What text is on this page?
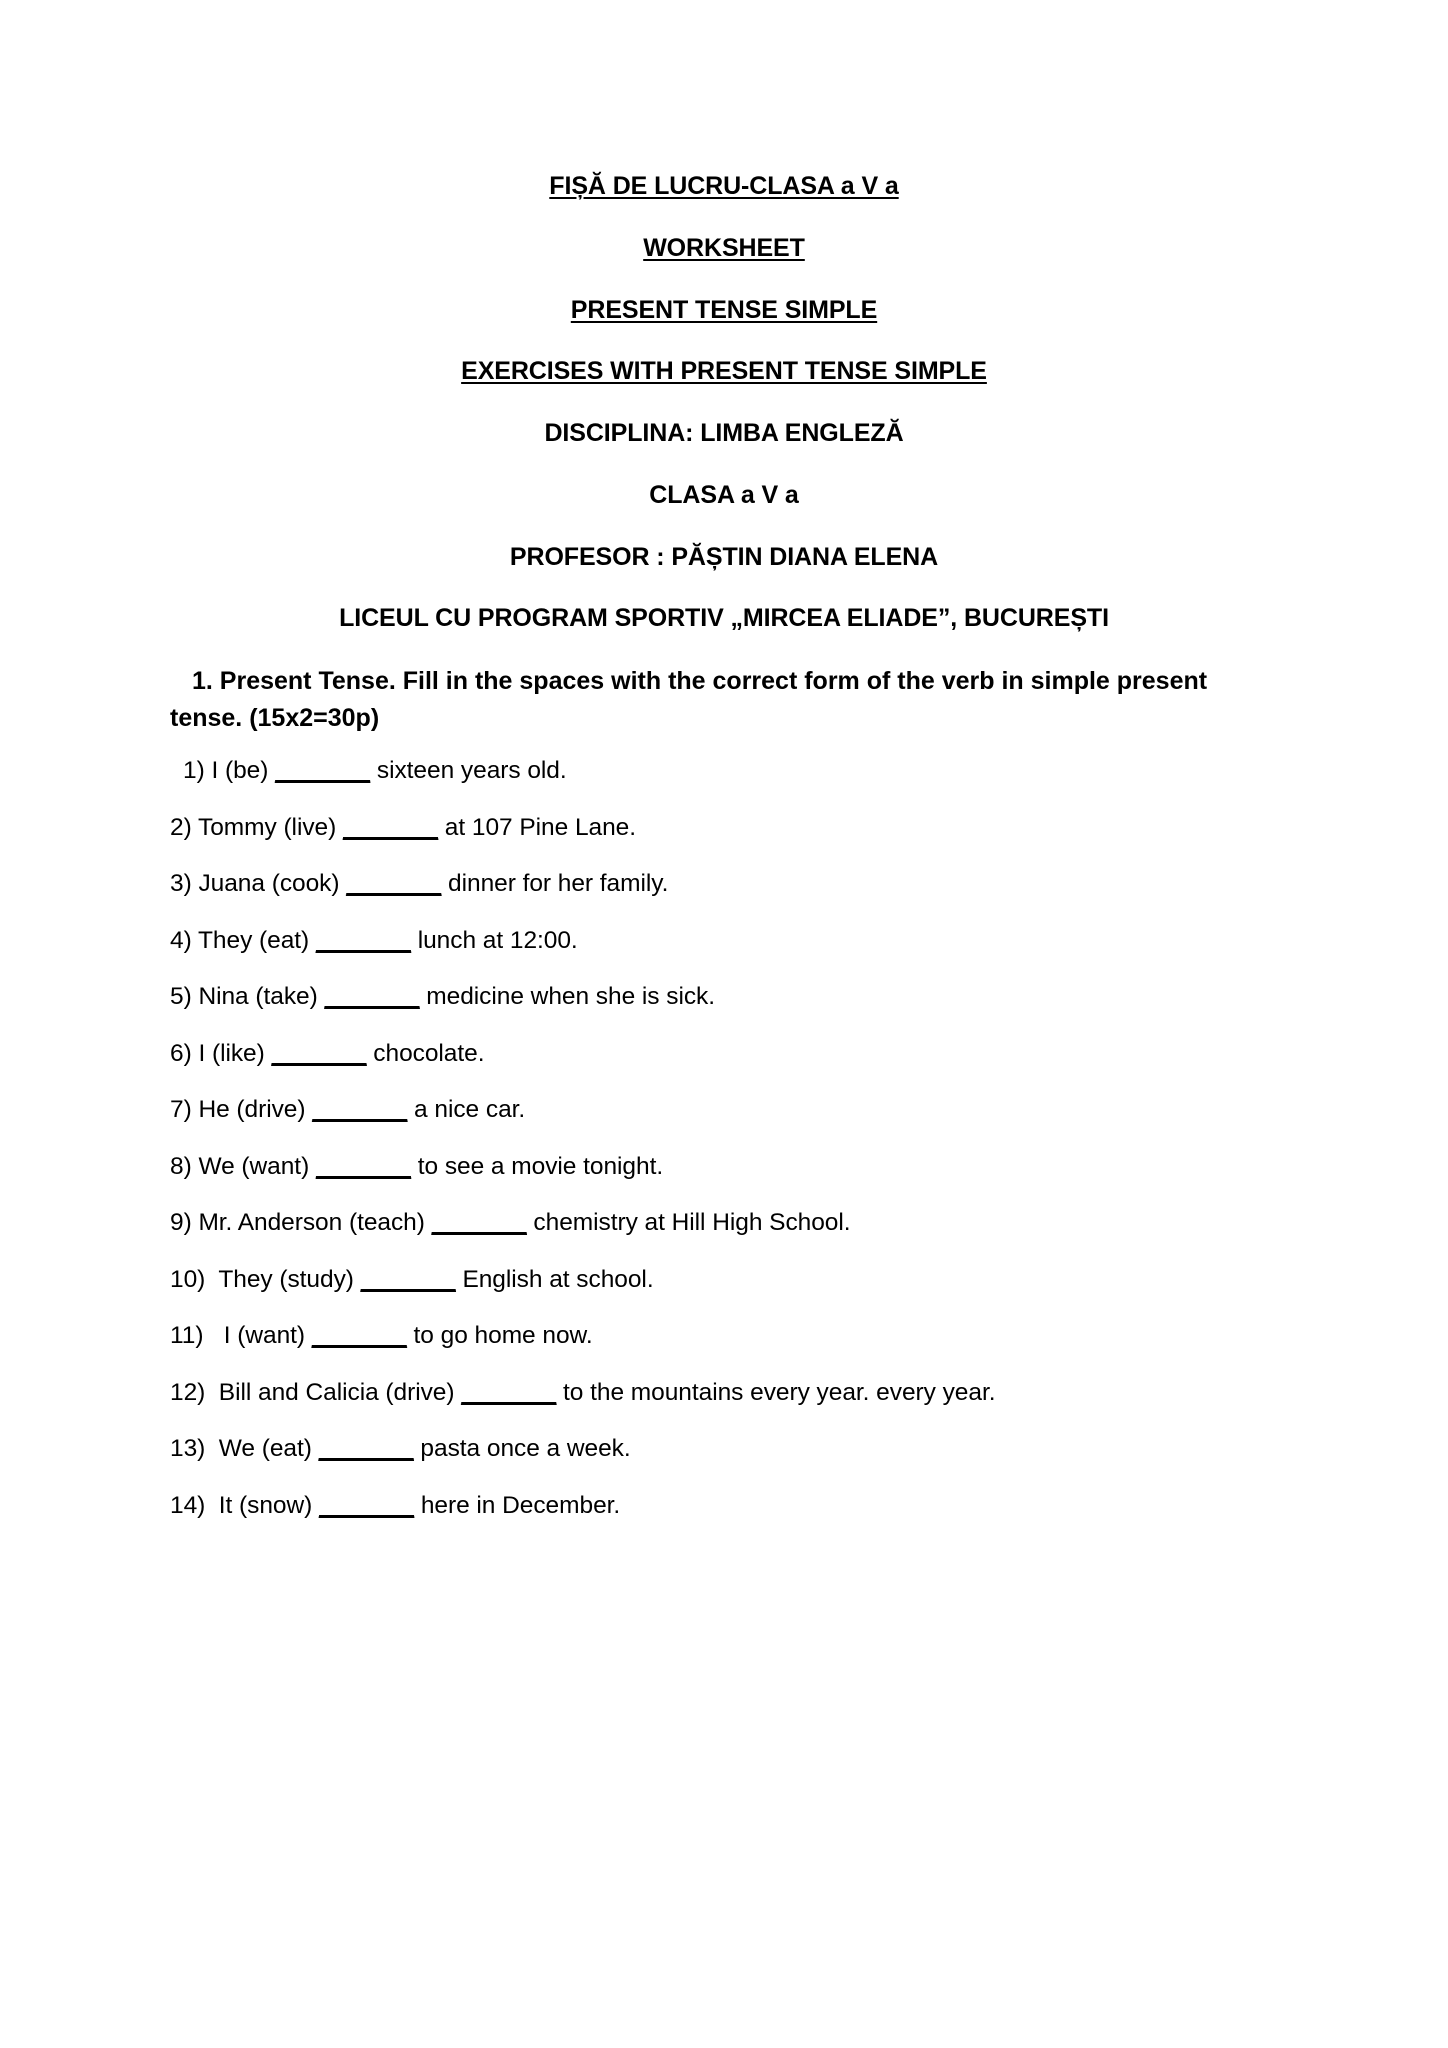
FIȘĂ DE LUCRU-CLASA a V a
WORKSHEET
PRESENT TENSE SIMPLE
EXERCISES WITH PRESENT TENSE SIMPLE
DISCIPLINA: LIMBA ENGLEZĂ
CLASA a V a
PROFESOR : PĂȘTIN DIANA ELENA
LICEUL CU PROGRAM SPORTIV „MIRCEA ELIADE”, BUCUREȘTI
1. Present Tense. Fill in the spaces with the correct form of the verb in simple present tense. (15x2=30p)
1) I (be) _______ sixteen years old.
2) Tommy (live) _______ at 107 Pine Lane.
3) Juana (cook) _______ dinner for her family.
4) They (eat) _______ lunch at 12:00.
5) Nina (take) _______ medicine when she is sick.
6) I (like) _______ chocolate.
7) He (drive) _______ a nice car.
8) We (want) _______ to see a movie tonight.
9) Mr. Anderson (teach) _______ chemistry at Hill High School.
10)  They (study) _______ English at school.
11)   I (want) _______ to go home now.
12)  Bill and Calicia (drive) _______ to the mountains every year. every year.
13)  We (eat) _______ pasta once a week.
14)  It (snow) _______ here in December.
